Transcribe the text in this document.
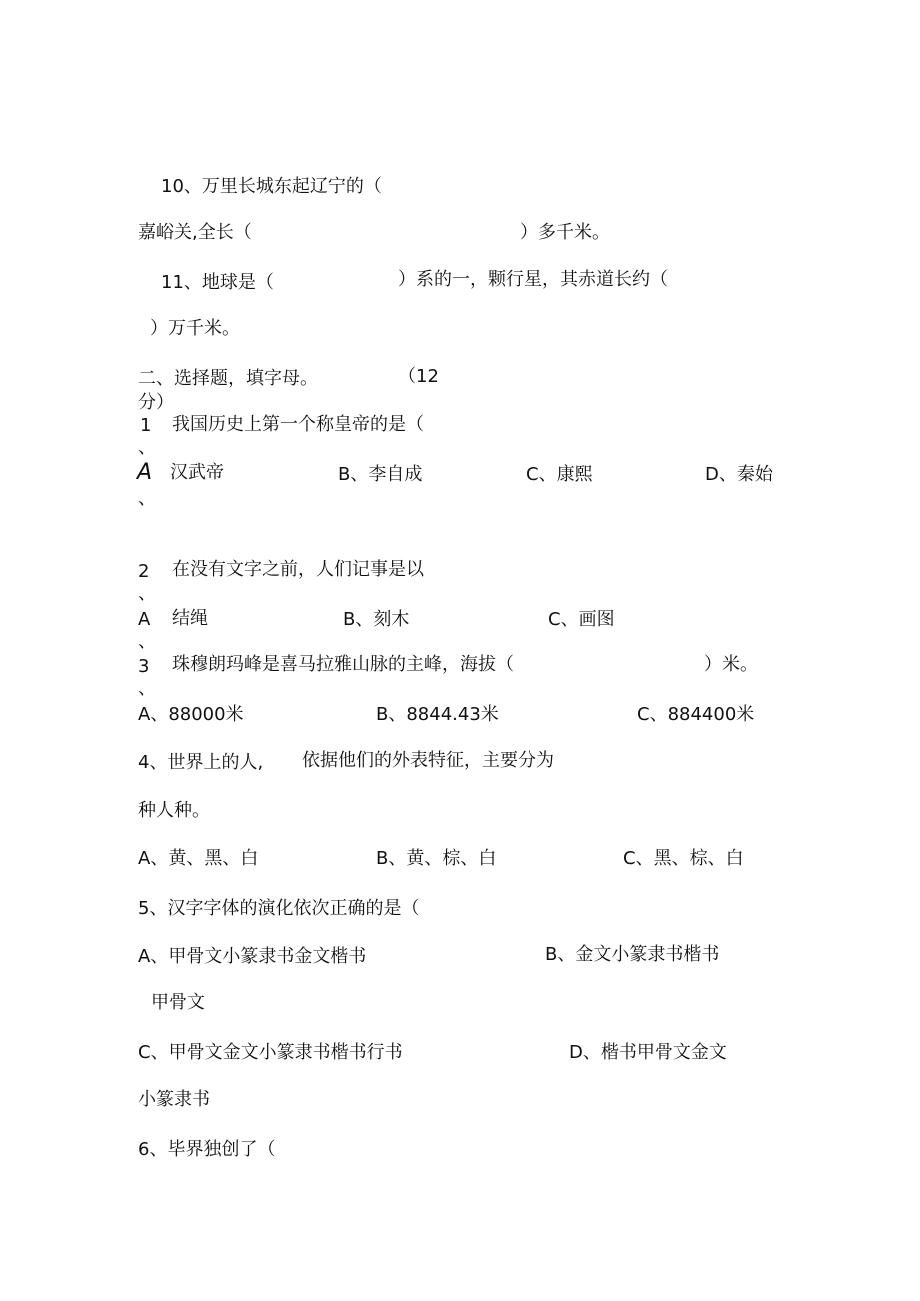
10、万里长城东起辽宁的（
嘉峪关,全长（	）多千米。
11、地球是（	）系的一，颗行星，其赤道长约（
）万千米。
二、选择题，填字母。	（12
分）
1
、
我国历史上第一个称皇帝的是（
A
、
汉武帝	B、李自成	C、康熙	D、秦始
2
、
在没有文字之前，人们记事是以
A
、
结绳	B、刻木	C、画图
3
、
珠穆朗玛峰是喜马拉雅山脉的主峰，海拔（	）米。
A、88000米	B、8844.43米	C、884400米
4、世界上的人, 依据他们的外表特征，主要分为
种人种。
A、黄、黑、白	B、黄、棕、白	C、黑、棕、白
5、汉字字体的演化依次正确的是（
A、甲骨文小篆隶书金文楷书	B、金文小篆隶书楷书
甲骨文
C、甲骨文金文小篆隶书楷书行书	D、楷书甲骨文金文
小篆隶书
6、毕界独创了（
